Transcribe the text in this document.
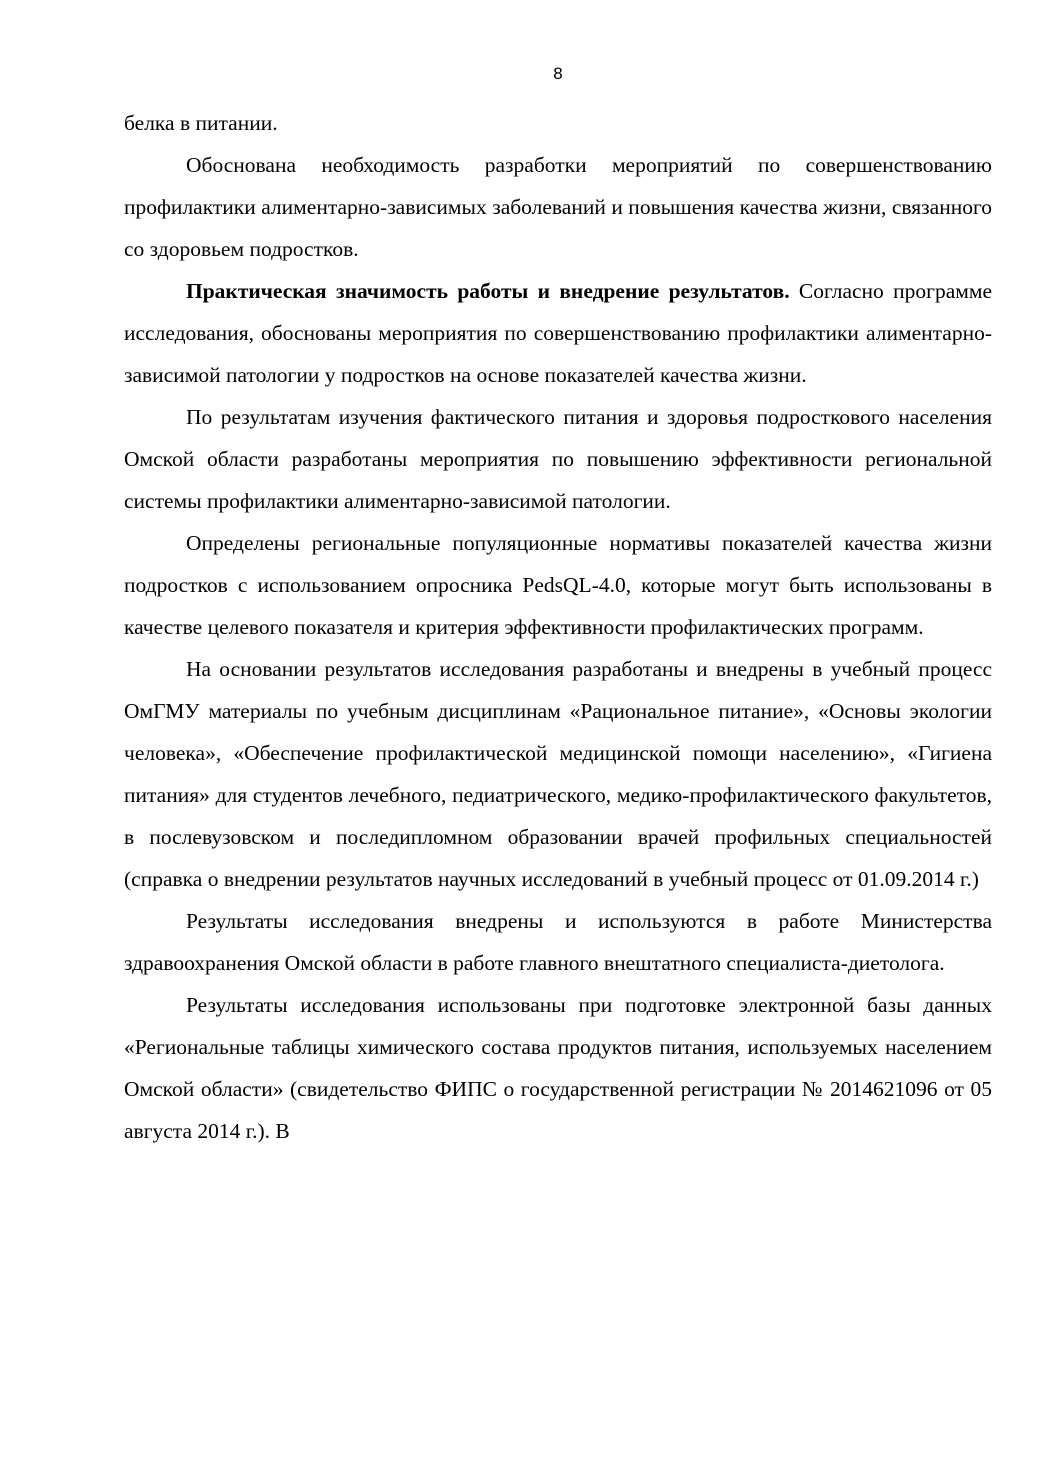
8

белка в питании.

Обоснована необходимость разработки мероприятий по совершенствованию профилактики алиментарно-зависимых заболеваний и повышения качества жизни, связанного со здоровьем подростков.

Практическая значимость работы и внедрение результатов. Согласно программе исследования, обоснованы мероприятия по совершенствованию профилактики алиментарно-зависимой патологии у подростков на основе показателей качества жизни.

По результатам изучения фактического питания и здоровья подросткового населения Омской области разработаны мероприятия по повышению эффективности региональной системы профилактики алиментарно-зависимой патологии.

Определены региональные популяционные нормативы показателей качества жизни подростков с использованием опросника PedsQL-4.0, которые могут быть использованы в качестве целевого показателя и критерия эффективности профилактических программ.

На основании результатов исследования разработаны и внедрены в учебный процесс ОмГМУ материалы по учебным дисциплинам «Рациональное питание», «Основы экологии человека», «Обеспечение профилактической медицинской помощи населению», «Гигиена питания» для студентов лечебного, педиатрического, медико-профилактического факультетов, в послевузовском и последипломном образовании врачей профильных специальностей (справка о внедрении результатов научных исследований в учебный процесс от 01.09.2014 г.)

Результаты исследования внедрены и используются в работе Министерства здравоохранения Омской области в работе главного внештатного специалиста-диетолога.

Результаты исследования использованы при подготовке электронной базы данных «Региональные таблицы химического состава продуктов питания, используемых населением Омской области» (свидетельство ФИПС о государственной регистрации № 2014621096 от 05 августа 2014 г.). В
